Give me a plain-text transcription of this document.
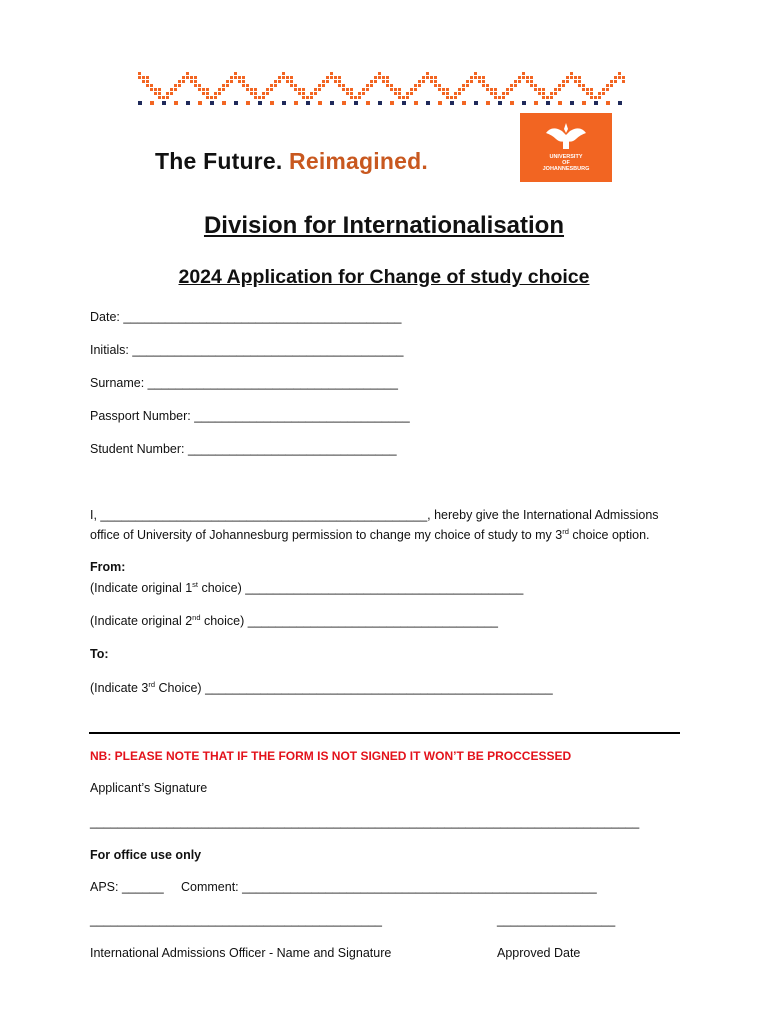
The Future. Reimagined.	UNIVERSITY
OF
JOHANNESBURG
Division for Internationalisation
2024 Application for Change of study choice
Date: ________________________________________
Initials: _______________________________________
Surname: ____________________________________
Passport Number: _______________________________
Student Number: ______________________________
I, _______________________________________________, hereby give the International Admissions
office of University of Johannesburg permission to change my choice of study to my 3rd choice option.
From:
(Indicate original 1st choice) ________________________________________
(Indicate original 2nd choice) ____________________________________
To:
(Indicate 3rd Choice) __________________________________________________
NB: PLEASE NOTE THAT IF THE FORM IS NOT SIGNED IT WON’T BE PROCCESSED
Applicant’s Signature
_______________________________________________________________________________
For office use only
APS: ______ Comment: ___________________________________________________
__________________________________________	_________________
International Admissions Officer - Name and Signature	Approved Date
